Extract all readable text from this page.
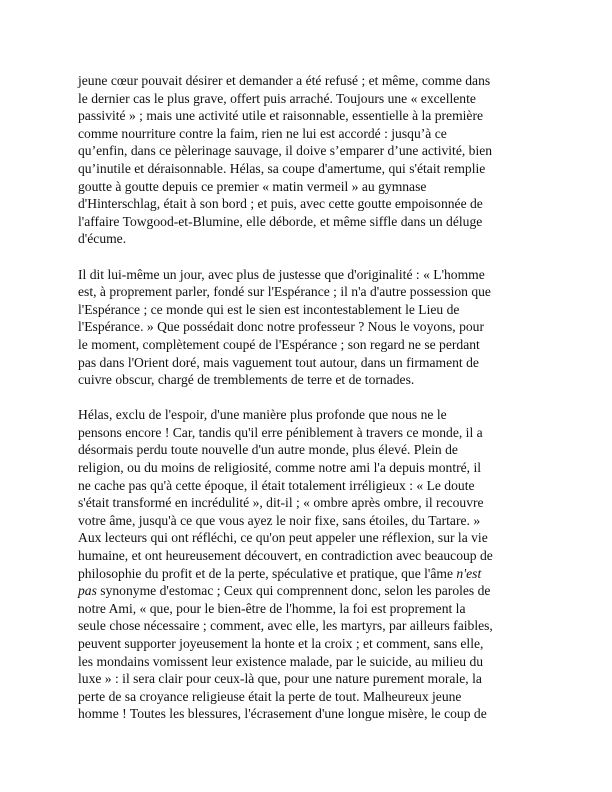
jeune cœur pouvait désirer et demander a été refusé ; et même, comme dans
le dernier cas le plus grave, offert puis arraché. Toujours une « excellente
passivité » ; mais une activité utile et raisonnable, essentielle à la première
comme nourriture contre la faim, rien ne lui est accordé : jusqu’à ce
qu’enfin, dans ce pèlerinage sauvage, il doive s’emparer d’une activité, bien
qu’inutile et déraisonnable. Hélas, sa coupe d'amertume, qui s'était remplie
goutte à goutte depuis ce premier « matin vermeil » au gymnase
d'Hinterschlag, était à son bord ; et puis, avec cette goutte empoisonnée de
l'affaire Towgood-et-Blumine, elle déborde, et même siffle dans un déluge
d'écume.

Il dit lui-même un jour, avec plus de justesse que d'originalité : « L'homme
est, à proprement parler, fondé sur l'Espérance ; il n'a d'autre possession que
l'Espérance ; ce monde qui est le sien est incontestablement le Lieu de
l'Espérance. » Que possédait donc notre professeur ? Nous le voyons, pour
le moment, complètement coupé de l'Espérance ; son regard ne se perdant
pas dans l'Orient doré, mais vaguement tout autour, dans un firmament de
cuivre obscur, chargé de tremblements de terre et de tornades.

Hélas, exclu de l'espoir, d'une manière plus profonde que nous ne le
pensons encore ! Car, tandis qu'il erre péniblement à travers ce monde, il a
désormais perdu toute nouvelle d'un autre monde, plus élevé. Plein de
religion, ou du moins de religiosité, comme notre ami l'a depuis montré, il
ne cache pas qu'à cette époque, il était totalement irréligieux : « Le doute
s'était transformé en incrédulité », dit-il ; « ombre après ombre, il recouvre
votre âme, jusqu'à ce que vous ayez le noir fixe, sans étoiles, du Tartare. »
Aux lecteurs qui ont réfléchi, ce qu'on peut appeler une réflexion, sur la vie
humaine, et ont heureusement découvert, en contradiction avec beaucoup de
philosophie du profit et de la perte, spéculative et pratique, que l'âme n'est
pas synonyme d'estomac ; Ceux qui comprennent donc, selon les paroles de
notre Ami, « que, pour le bien-être de l'homme, la foi est proprement la
seule chose nécessaire ; comment, avec elle, les martyrs, par ailleurs faibles,
peuvent supporter joyeusement la honte et la croix ; et comment, sans elle,
les mondains vomissent leur existence malade, par le suicide, au milieu du
luxe » : il sera clair pour ceux-là que, pour une nature purement morale, la
perte de sa croyance religieuse était la perte de tout. Malheureux jeune
homme ! Toutes les blessures, l'écrasement d'une longue misère, le coup de
